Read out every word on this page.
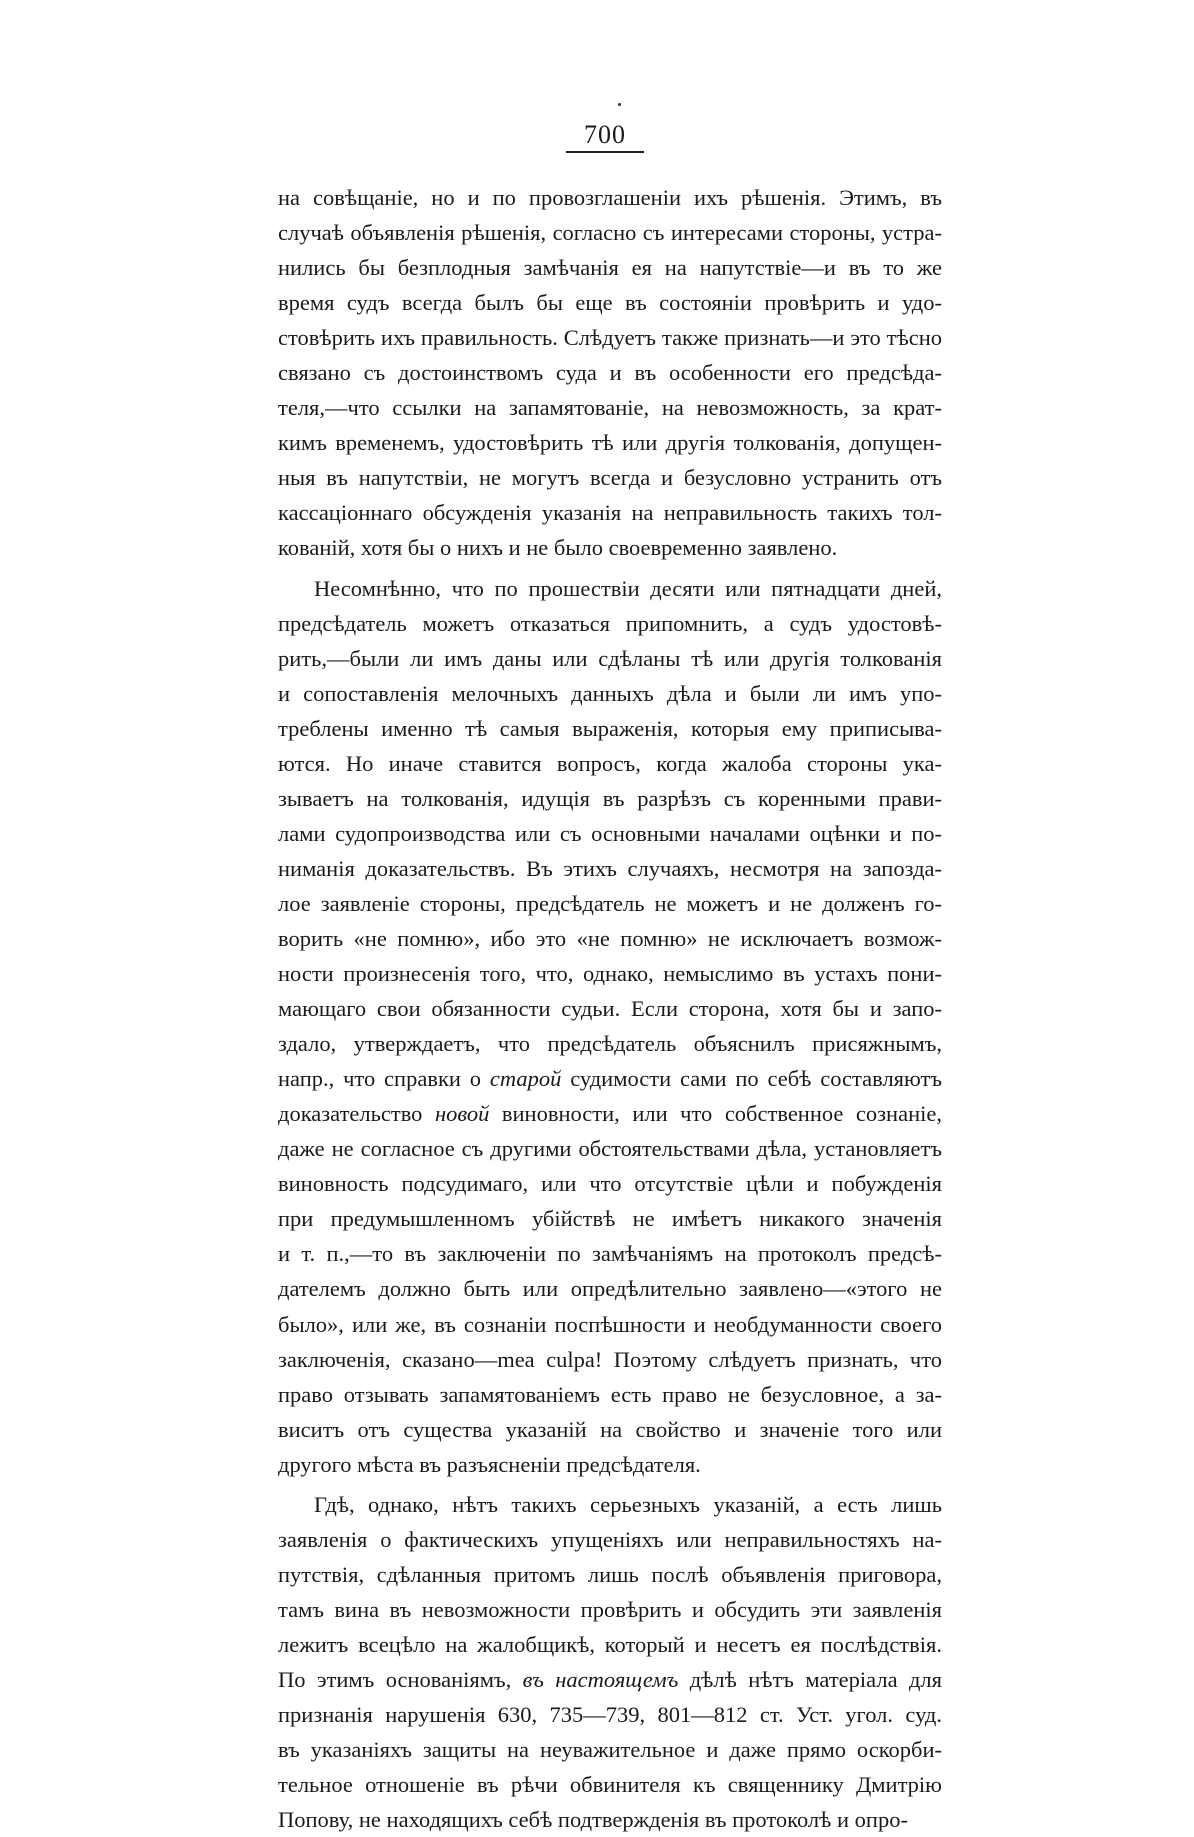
700
на совѣщаніе, но и по провозглашеніи ихъ рѣшенія. Этимъ, въ
случаѣ объявленія рѣшенія, согласно съ интересами стороны, устра-
нились бы безплодныя замѣчанія ея на напутствіе—и въ то же
время судъ всегда былъ бы еще въ состояніи провѣрить и удо-
стовѣрить ихъ правильность. Слѣдуетъ также признать—и это тѣсно
связано съ достоинствомъ суда и въ особенности его предсѣда-
теля,—что ссылки на запамятованіе, на невозможность, за крат-
кимъ временемъ, удостовѣрить тѣ или другія толкованія, допущен-
ныя въ напутствіи, не могутъ всегда и безусловно устранить отъ
кассаціоннаго обсужденія указанія на неправильность такихъ тол-
кованій, хотя бы о нихъ и не было своевременно заявлено.
Несомнѣнно, что по прошествіи десяти или пятнадцати дней,
предсѣдатель можетъ отказаться припомнить, а судъ удостовѣ-
рить,—были ли имъ даны или сдѣланы тѣ или другія толкованія
и сопоставленія мелочныхъ данныхъ дѣла и были ли имъ упо-
треблены именно тѣ самыя выраженія, которыя ему приписыва-
ются. Но иначе ставится вопросъ, когда жалоба стороны ука-
зываетъ на толкованія, идущія въ разрѣзъ съ коренными прави-
лами судопроизводства или съ основными началами оцѣнки и по-
ниманія доказательствъ. Въ этихъ случаяхъ, несмотря на запозда-
лое заявленіе стороны, предсѣдатель не можетъ и не долженъ го-
ворить «не помню», ибо это «не помню» не исключаетъ возмож-
ности произнесенія того, что, однако, немыслимо въ устахъ пони-
мающаго свои обязанности судьи. Если сторона, хотя бы и запо-
здало, утверждаетъ, что предсѣдатель объяснилъ присяжнымъ,
напр., что справки о старой судимости сами по себѣ составляютъ
доказательство новой виновности, или что собственное сознаніе,
даже не согласное съ другими обстоятельствами дѣла, установляетъ
виновность подсудимаго, или что отсутствіе цѣли и побужденія
при предумышленномъ убійствѣ не имѣетъ никакого значенія
и т. п.,—то въ заключеніи по замѣчаніямъ на протоколъ предсѣ-
дателемъ должно быть или опредѣлительно заявлено—«этого не
было», или же, въ сознаніи поспѣшности и необдуманности своего
заключенія, сказано—mea culpa! Поэтому слѣдуетъ признать, что
право отзывать запамятованіемъ есть право не безусловное, а за-
виситъ отъ существа указаній на свойство и значеніе того или
другого мѣста въ разъясненіи предсѣдателя.
Гдѣ, однако, нѣтъ такихъ серьезныхъ указаній, а есть лишь
заявленія о фактическихъ упущеніяхъ или неправильностяхъ на-
путствія, сдѣланныя притомъ лишь послѣ объявленія приговора,
тамъ вина въ невозможности провѣрить и обсудить эти заявленія
лежитъ всецѣло на жалобщикѣ, который и несетъ ея послѣдствія.
По этимъ основаніямъ, въ настоящемъ дѣлѣ нѣтъ матеріала для
признанія нарушенія 630, 735—739, 801—812 ст. Уст. угол. суд.
въ указаніяхъ защиты на неуважительное и даже прямо оскорби-
тельное отношеніе въ рѣчи обвинителя къ священнику Дмитрію
Попову, не находящихъ себѣ подтвержденія въ протоколѣ и опро-
